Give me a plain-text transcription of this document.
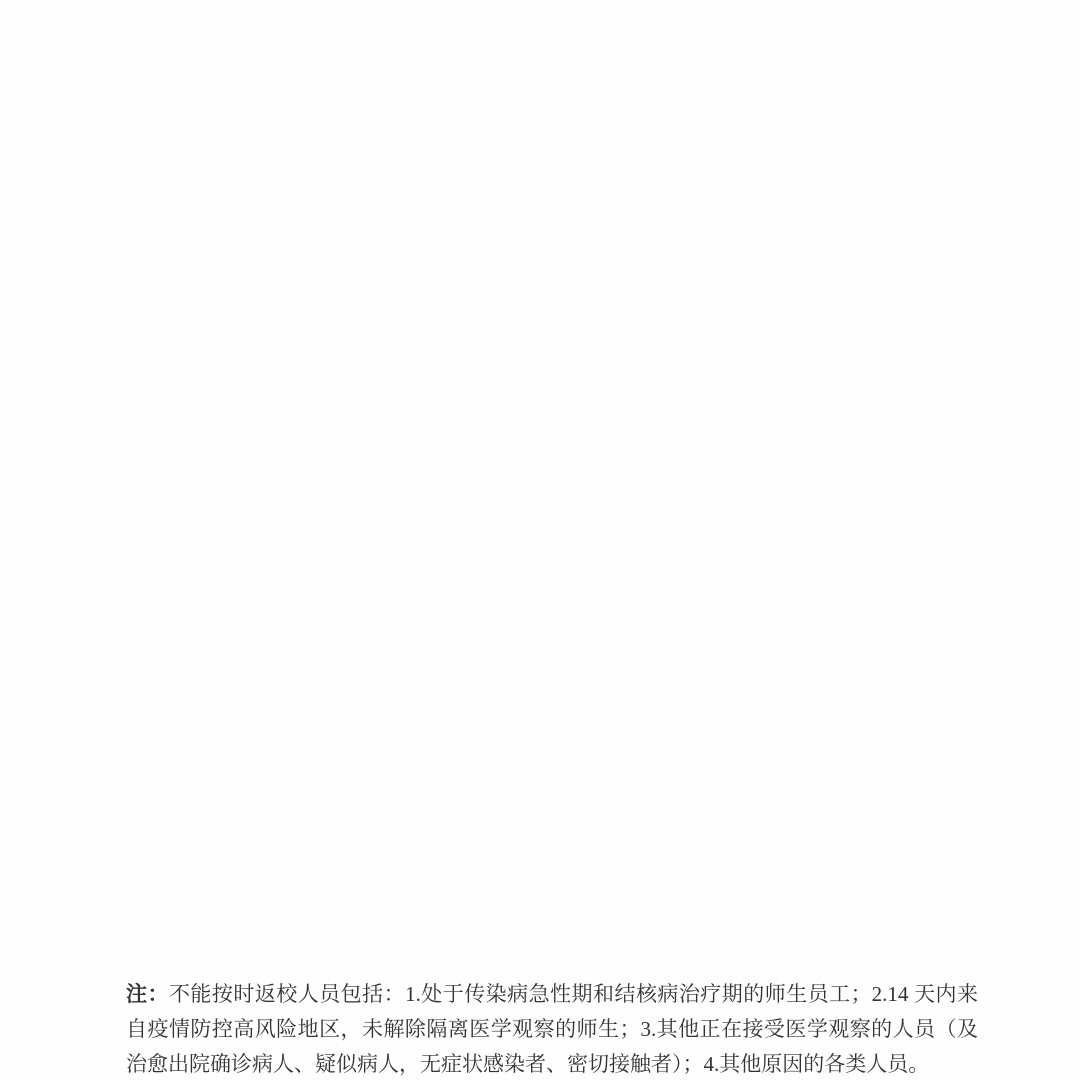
注：不能按时返校人员包括：1.处于传染病急性期和结核病治疗期的师生员工；2.14 天内来自疫情防控高风险地区，未解除隔离医学观察的师生；3.其他正在接受医学观察的人员（及治愈出院确诊病人、疑似病人，无症状感染者、密切接触者）；4.其他原因的各类人员。
